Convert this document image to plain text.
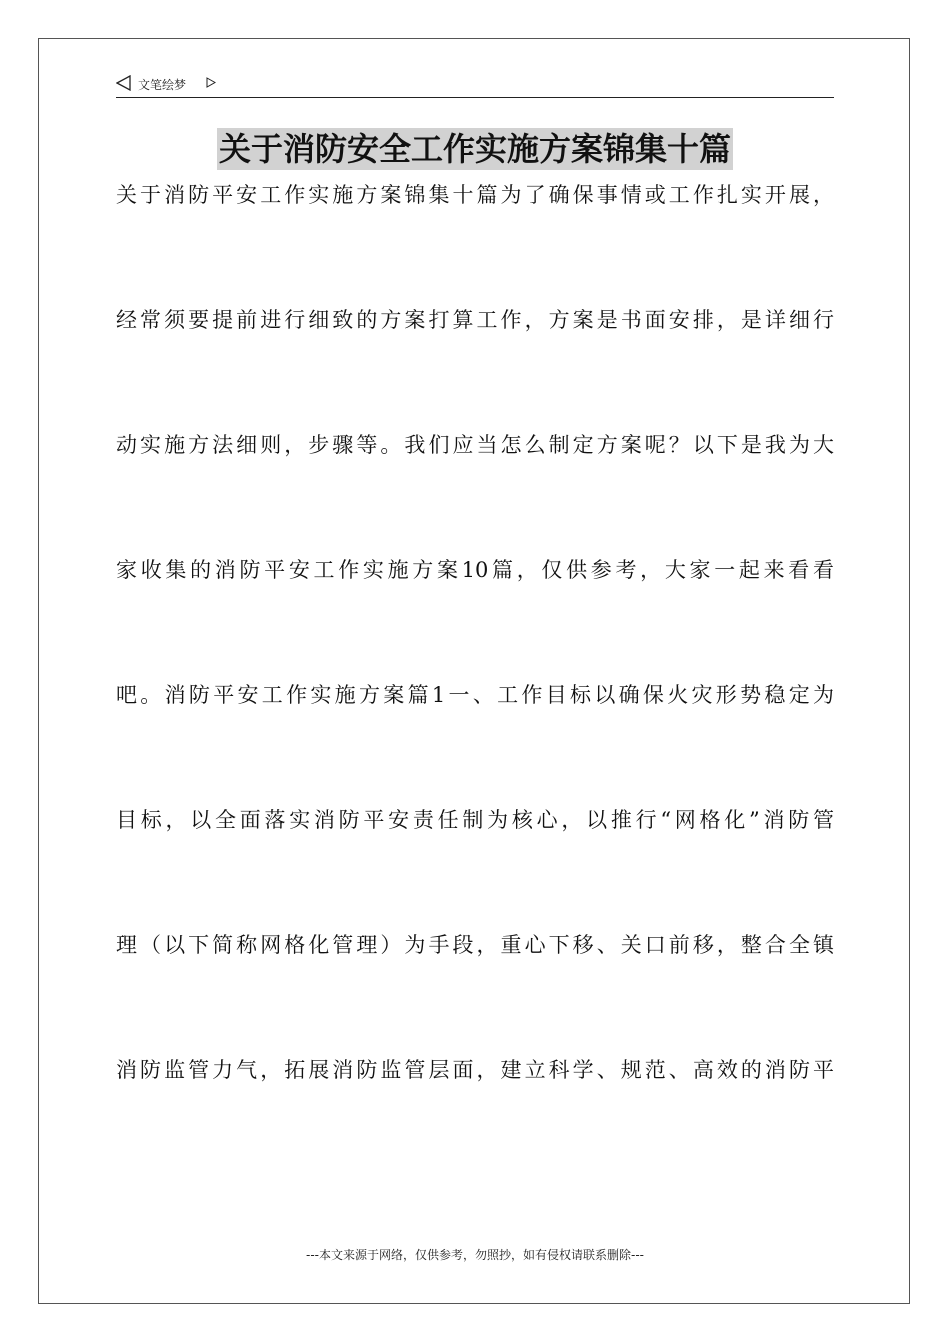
文笔绘梦
关于消防安全工作实施方案锦集十篇
关于消防平安工作实施方案锦集十篇为了确保事情或工作扎实开展，
经常须要提前进行细致的方案打算工作，方案是书面安排，是详细行
动实施方法细则，步骤等。我们应当怎么制定方案呢？以下是我为大
家收集的消防平安工作实施方案10篇，仅供参考，大家一起来看看
吧。消防平安工作实施方案篇1一、工作目标以确保火灾形势稳定为
目标，以全面落实消防平安责任制为核心，以推行“网格化”消防管
理（以下简称网格化管理）为手段，重心下移、关口前移，整合全镇
消防监管力气，拓展消防监管层面，建立科学、规范、高效的消防平
---本文来源于网络，仅供参考，勿照抄，如有侵权请联系删除---
